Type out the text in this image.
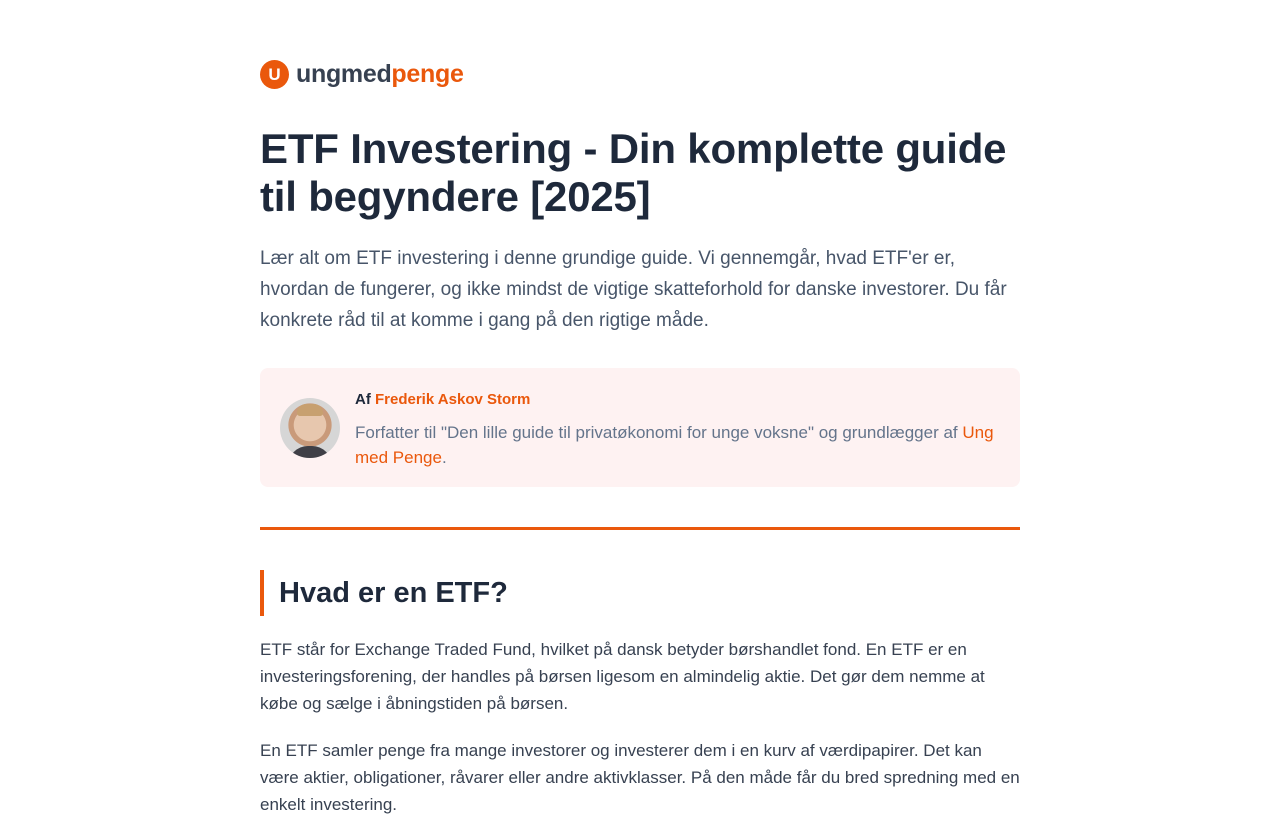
U ungmedpenge
ETF Investering - Din komplette guide til begyndere [2025]

Lær alt om ETF investering i denne grundige guide. Vi gennemgår, hvad ETF'er er, hvordan de fungerer, og ikke mindst de vigtige skatteforhold for danske investorer. Du får konkrete råd til at komme i gang på den rigtige måde.

Af Frederik Askov Storm
Forfatter til "Den lille guide til privatøkonomi for unge voksne" og grundlægger af Ung med Penge.
Hvad er en ETF?

ETF står for Exchange Traded Fund, hvilket på dansk betyder børshandlet fond. En ETF er en investeringsforening, der handles på børsen ligesom en almindelig aktie. Det gør dem nemme at købe og sælge i åbningstiden på børsen.

En ETF samler penge fra mange investorer og investerer dem i en kurv af værdipapirer. Det kan være aktier, obligationer, råvarer eller andre aktivklasser. På den måde får du bred spredning med en enkelt investering.
